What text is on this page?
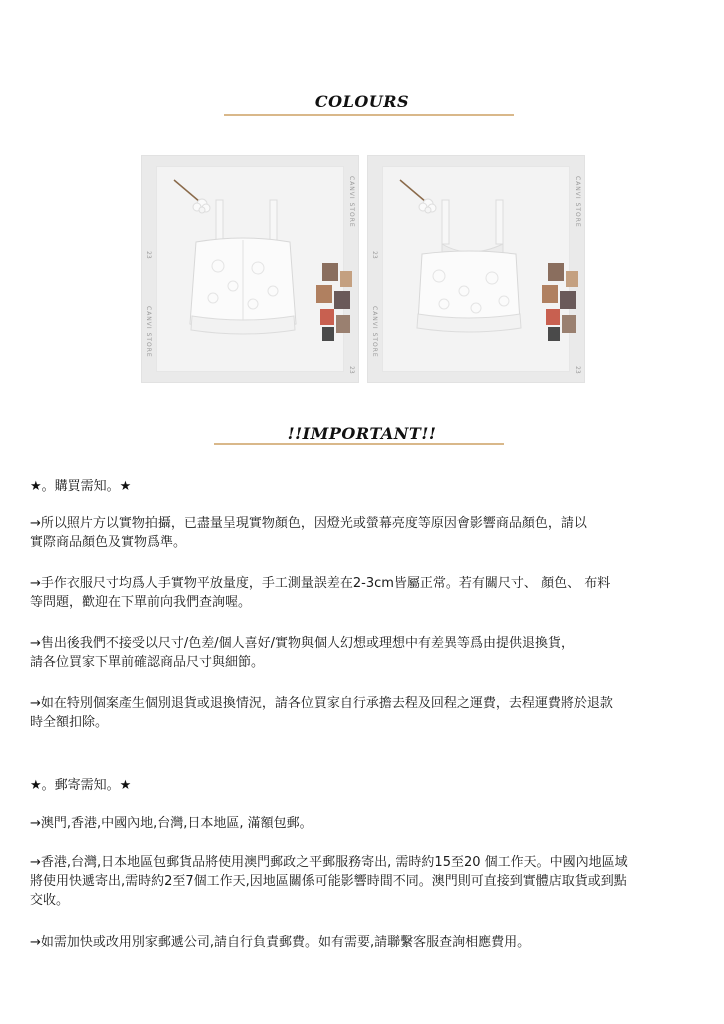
COLOURS
CANVI STORE
CANVI STORE
23
23
CANVI STORE
CANVI STORE
23
23
!!IMPORTANT!!
★。購買需知。★
→所以照片方以實物拍攝，已盡量呈現實物顏色，因燈光或螢幕亮度等原因會影響商品顏色，請以
實際商品顏色及實物爲準。
→手作衣服尺寸均爲人手實物平放量度，手工測量誤差在2-3cm皆屬正常。若有關尺寸、 顏色、 布料
等問題，歡迎在下單前向我們查詢喔。
→售出後我們不接受以尺寸/色差/個人喜好/實物與個人幻想或理想中有差異等爲由提供退換貨，
請各位買家下單前確認商品尺寸與細節。
→如在特別個案產生個別退貨或退換情況，請各位買家自行承擔去程及回程之運費，去程運費將於退款
時全額扣除。
★。郵寄需知。★
→澳門,香港,中國內地,台灣,日本地區, 滿額包郵。
→香港,台灣,日本地區包郵貨品將使用澳門郵政之平郵服務寄出, 需時約15至20 個工作天。中國內地區域
將使用快遞寄出,需時約2至7個工作天,因地區關係可能影響時間不同。澳門則可直接到實體店取貨或到點
交收。
→如需加快或改用別家郵遞公司,請自行負責郵費。如有需要,請聯繫客服查詢相應費用。
